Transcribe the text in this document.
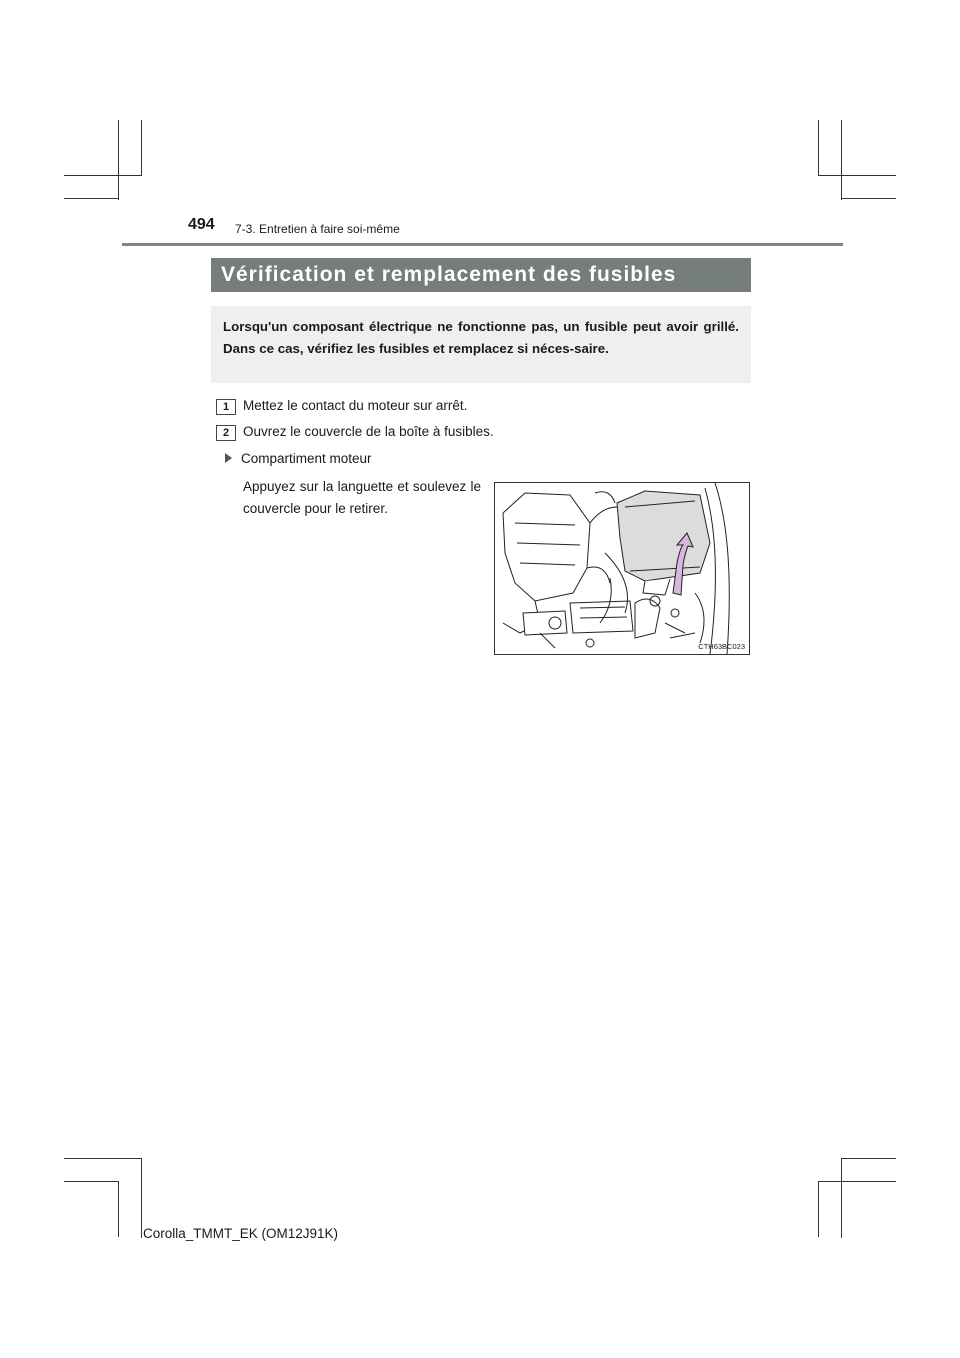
494 7-3. Entretien à faire soi-même
Vérification et remplacement des fusibles
Lorsqu'un composant électrique ne fonctionne pas, un fusible peut avoir grillé. Dans ce cas, vérifiez les fusibles et remplacez si néces-saire.
1	Mettez le contact du moteur sur arrêt.
2	Ouvrez le couvercle de la boîte à fusibles.
Compartiment moteur
Appuyez sur la languette et soulevez le couvercle pour le retirer.
CTH63BC023
Corolla_TMMT_EK (OM12J91K)
